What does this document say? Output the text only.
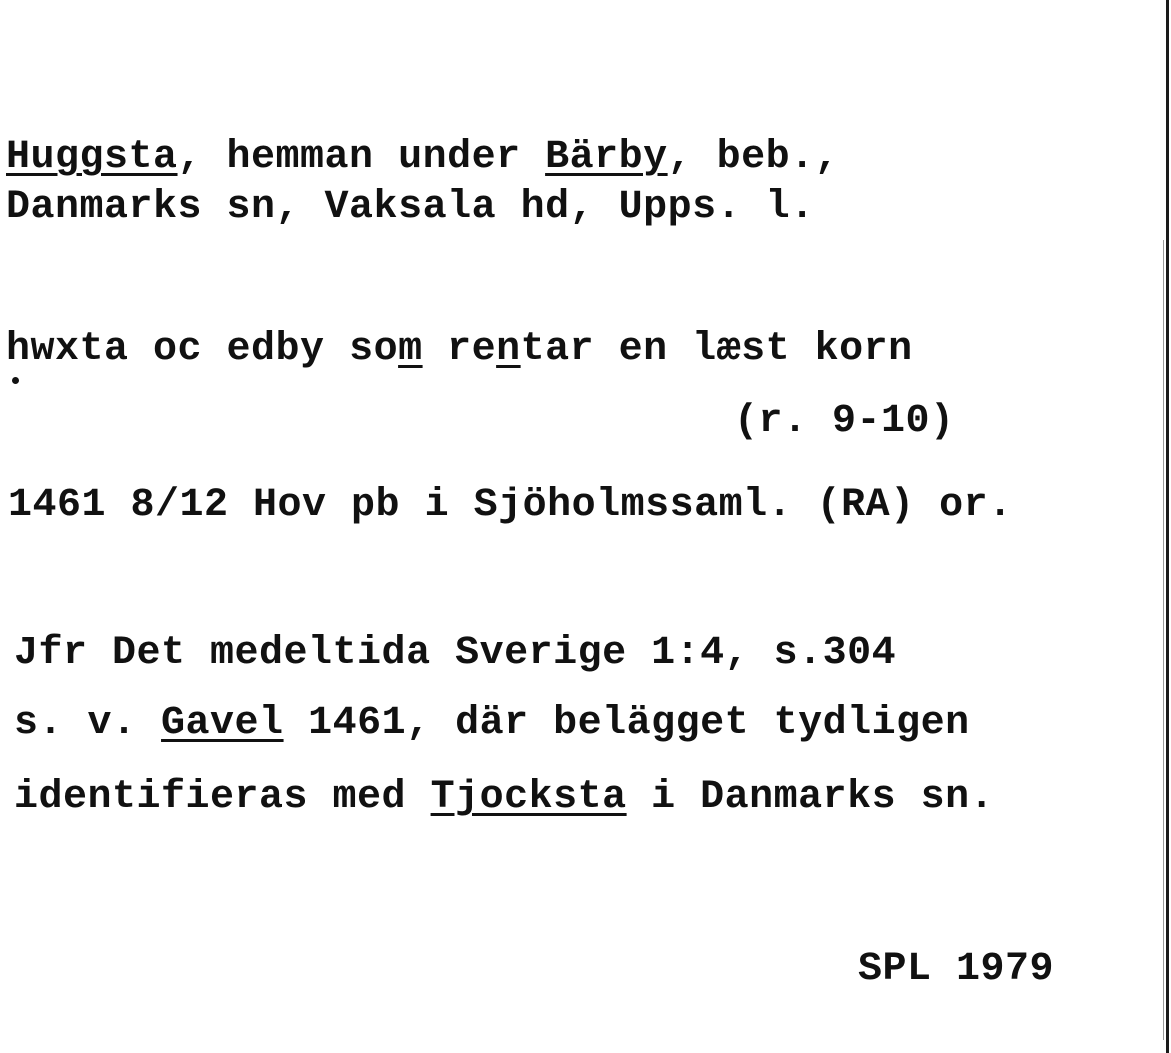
Huggsta, hemman under Bärby, beb.,
Danmarks sn, Vaksala hd, Upps. l.
hwxta oc edby som rentar en læst korn
(r. 9-10)
1461 8/12 Hov pb i Sjöholmssaml. (RA) or.
Jfr Det medeltida Sverige 1:4, s.304
s. v. Gavel 1461, där belägget tydligen
identifieras med Tjocksta i Danmarks sn.
SPL 1979
